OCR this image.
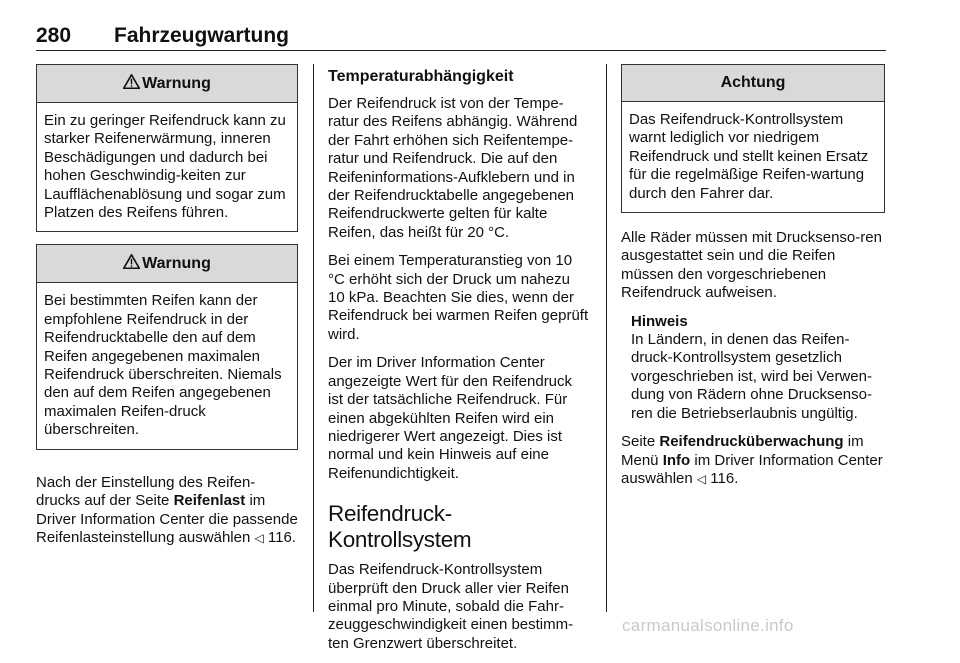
280 Fahrzeugwartung
Warnung
Ein zu geringer Reifendruck kann zu starker Reifenerwärmung, inneren Beschädigungen und dadurch bei hohen Geschwindig-keiten zur Laufflächenablösung und sogar zum Platzen des Reifens führen.
Warnung
Bei bestimmten Reifen kann der empfohlene Reifendruck in der Reifendrucktabelle den auf dem Reifen angegebenen maximalen Reifendruck überschreiten. Niemals den auf dem Reifen angegebenen maximalen Reifen-druck überschreiten.

Nach der Einstellung des Reifen-drucks auf der Seite Reifenlast im Driver Information Center die passende Reifenlasteinstellung auswählen ◁ 116.

Temperaturabhängigkeit

Der Reifendruck ist von der Tempe-ratur des Reifens abhängig. Während der Fahrt erhöhen sich Reifentempe-ratur und Reifendruck. Die auf den Reifeninformations-Aufklebern und in der Reifendrucktabelle angegebenen Reifendruckwerte gelten für kalte Reifen, das heißt für 20 °C.

Bei einem Temperaturanstieg von 10 °C erhöht sich der Druck um nahezu 10 kPa. Beachten Sie dies, wenn der Reifendruck bei warmen Reifen geprüft wird.

Der im Driver Information Center angezeigte Wert für den Reifendruck ist der tatsächliche Reifendruck. Für einen abgekühlten Reifen wird ein niedrigerer Wert angezeigt. Dies ist normal und kein Hinweis auf eine Reifenundichtigkeit.

Reifendruck-Kontrollsystem

Das Reifendruck-Kontrollsystem überprüft den Druck aller vier Reifen einmal pro Minute, sobald die Fahr-zeuggeschwindigkeit einen bestimm-ten Grenzwert überschreitet.

Achtung
Das Reifendruck-Kontrollsystem warnt lediglich vor niedrigem Reifendruck und stellt keinen Ersatz für die regelmäßige Reifen-wartung durch den Fahrer dar.

Alle Räder müssen mit Drucksenso-ren ausgestattet sein und die Reifen müssen den vorgeschriebenen Reifendruck aufweisen.

Hinweis
In Ländern, in denen das Reifen-druck-Kontrollsystem gesetzlich vorgeschrieben ist, wird bei Verwen-dung von Rädern ohne Drucksenso-ren die Betriebserlaubnis ungültig.

Seite Reifendrucküberwachung im Menü Info im Driver Information Center auswählen ◁ 116.

carmanualsonline.info
